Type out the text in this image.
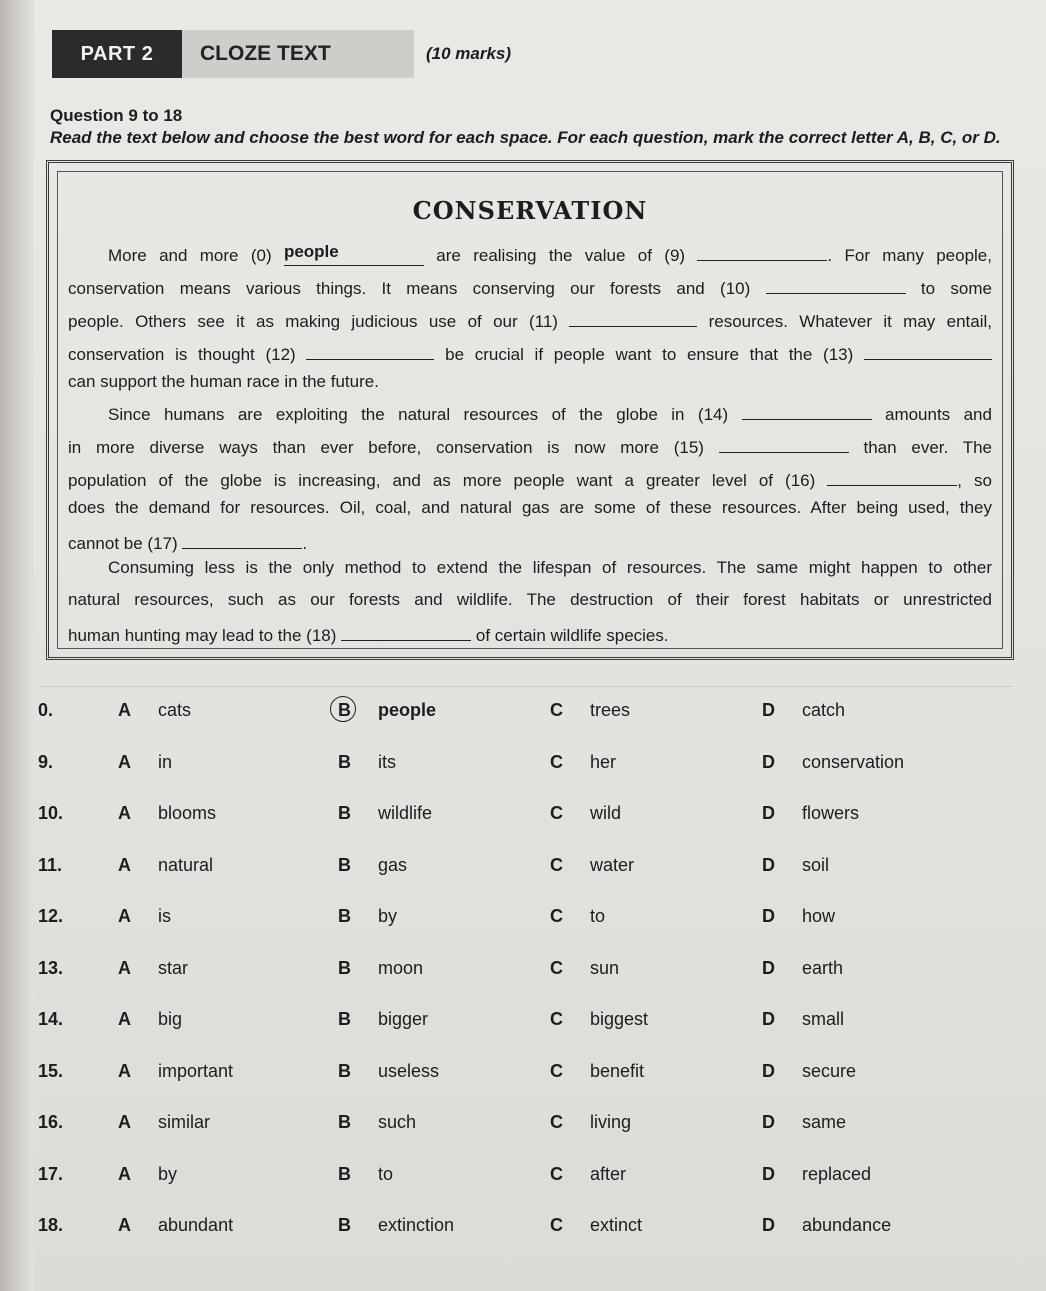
PART 2	CLOZE TEXT	(10 marks)
Question 9 to 18
Read the text below and choose the best word for each space. For each question, mark the correct letter A, B, C, or D.
CONSERVATION
More and more (0) people	are realising the value of (9)	. For many people,
conservation means various things. It means conserving our forests and (10)	to some
people. Others see it as making judicious use of our (11)	resources. Whatever it may entail,
conservation is thought (12)	be crucial if people want to ensure that the (13)
can support the human race in the future.
Since humans are exploiting the natural resources of the globe in (14)	amounts and
in more diverse ways than ever before, conservation is now more (15)	than ever. The
population of the globe is increasing, and as more people want a greater level of (16)	, so
does the demand for resources. Oil, coal, and natural gas are some of these resources. After being used, they
cannot be (17)	.
Consuming less is the only method to extend the lifespan of resources. The same might happen to other
natural resources, such as our forests and wildlife. The destruction of their forest habitats or unrestricted
human hunting may lead to the (18)	of certain wildlife species.
0.	A cats	B people	C trees	D catch
9.	A in	B its	C her	D conservation
10.	A blooms	B wildlife	C wild	D flowers
11.	A natural	B gas	C water	D soil
12.	A is	B by	C to	D how
13.	A star	B moon	C sun	D earth
14.	A big	B bigger	C biggest	D small
15.	A important	B useless	C benefit	D secure
16.	A similar	B such	C living	D same
17.	A by	B to	C after	D replaced
18.	A abundant	B extinction	C extinct	D abundance
